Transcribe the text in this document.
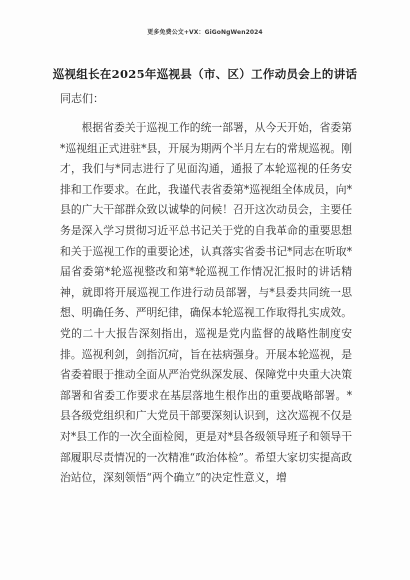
更多免费公文+VX：GiGoNgWen2024
巡视组长在2025年巡视县（市、区）工作动员会上的讲话
同志们：

根据省委关于巡视工作的统一部署，从今天开始，省委第*巡视组正式进驻*县，开展为期两个半月左右的常规巡视。刚才，我们与*同志进行了见面沟通，通报了本轮巡视的任务安排和工作要求。在此，我谨代表省委第*巡视组全体成员，向*县的广大干部群众致以诚挚的问候！召开这次动员会，主要任务是深入学习贯彻习近平总书记关于党的自我革命的重要思想和关于巡视工作的重要论述，认真落实省委书记*同志在听取*届省委第*轮巡视整改和第*轮巡视工作情况汇报时的讲话精神，就即将开展巡视工作进行动员部署，与*县委共同统一思想、明确任务、严明纪律，确保本轮巡视工作取得扎实成效。党的二十大报告深刻指出，巡视是党内监督的战略性制度安排。巡视利剑，剑指沉疴，旨在祛病强身。开展本轮巡视，是省委着眼于推动全面从严治党纵深发展、保障党中央重大决策部署和省委工作要求在基层落地生根作出的重要战略部署。*县各级党组织和广大党员干部要深刻认识到，这次巡视不仅是对*县工作的一次全面检阅，更是对*县各级领导班子和领导干部履职尽责情况的一次精准“政治体检”。希望大家切实提高政治站位，深刻领悟“两个确立”的决定性意义，增
